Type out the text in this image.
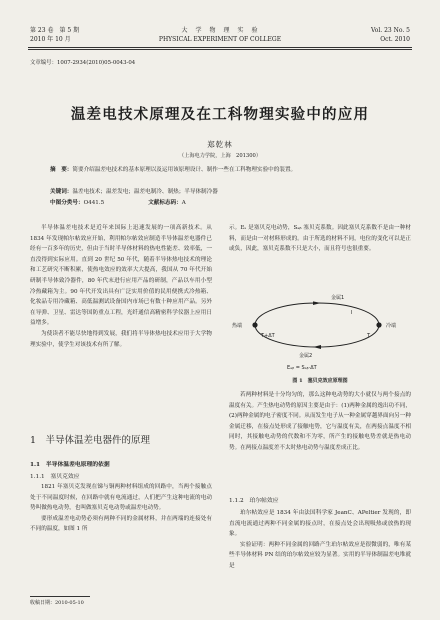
第 23 卷　第 5 期
2010 年 10 月
大　学　物　理　实　验
PHYSICAL EXPERIMENT OF COLLEGE
Vol. 23 No. 5
Oct. 2010
文章编号：1007-2934(2010)05-0043-04
温差电技术原理及在工科物理实验中的应用
郑乾林
（上海电力学院，上海　201300）
摘　要：简要介绍温差电技术的基本原理以及运用该原理设计、制作一些在工科物理实验中的装置。
关键词：温差电技术；温差发电；温差电制冷、制热；半导体制冷器
中图分类号：O441.5	文献标志码：A

半导体温差电技术是近年来国际上迅速发展的一项高新技术。从 1834 年发现帕尔帖效应开始，利用帕尔帖效应制造半导体温差电器件已经有一百多年的历史，但由于当时半导体材料的热电性能差、效率低，一直没得到实际应用。直到 20 世纪 50 年代，随着半导体热电技术的理论和工艺研究不断积累，使热电效应的效率大大提高，我国从 70 年代开始研制半导体致冷器件，80 年代末进行应用产品的研制，产品以车用小型冷热藏箱为主。90 年代开发出具有广泛实用价值的民用便携式冷热箱、化妆品专用冷藏箱、高低温测试设备国内市场已有数十种应用产品。另外在导弹、卫星、雷达等国防重点工程，光纤通信高精密科学仪器上应用日益增多。

为使读者不能尽快地得到发展，我们将半导体热电技术应用于大学物理实验中，使学生对该技术有所了解。

1　半导体温差电器件的原理
1.1　半导体温差电原理的依据
1.1.1　塞贝克效应

1821 年塞贝克发现在锑与铜两种材料组成的回路中，当两个接触点处于不同温度时候，在回路中就有电流通过，人们把产生这种电流的电动势叫做热电动势，也叫做塞贝克电动势或温差电动势。

要形成温差电动势必须有两种不同的金属材料，并在两端的连接处有不同的温度，如图 1 所

收稿日期：2010-05-10

示。Eₛ 是塞贝克电动势，Sₐᵦ 塞贝克系数。因此塞贝克系数不是由一种材料，而是由一对材料形成的。由于所选的材料不同，电位的变化可以是正或负，因此，塞贝克系数不只是大小，而且符号也很重要。

金属1
金属2
热端	冷端
I
T+ΔT	T
Eₐᵦ = Sₐᵦ·ΔT
图 1　塞贝克效应原理图

若两种材料是十分均匀的，那么这种电动势的大小就仅与两个接点的温度有关。产生热电动势的原因主要是由于：(1)两种金属的逸出功不同，(2)两种金属的电子密度不同。从而发生电子从一种金属穿越界面向另一种金属迁移，在接点处形成了接触电势，它与温度有关，在两接点温度不相同时，其接触电动势的代数和不为零，所产生的接触电势差就是热电动势。在两接点温度差不太时热电动势与温度差成正比。

1.1.2　珀尔帖效应

珀尔帖效应是 1834 年由法国科学家 JeanC、APeltier 发现的，即直流电流通过两种不同金属的接点时，在接点处会出现吸热或放热的现象。

实验证明：两种不同金属的回路产生珀尔帖效应是很微弱的，唯有某些半导体材料 PN 结的珀尔帖效应较为显著。实用的半导体制温差电堆就是
